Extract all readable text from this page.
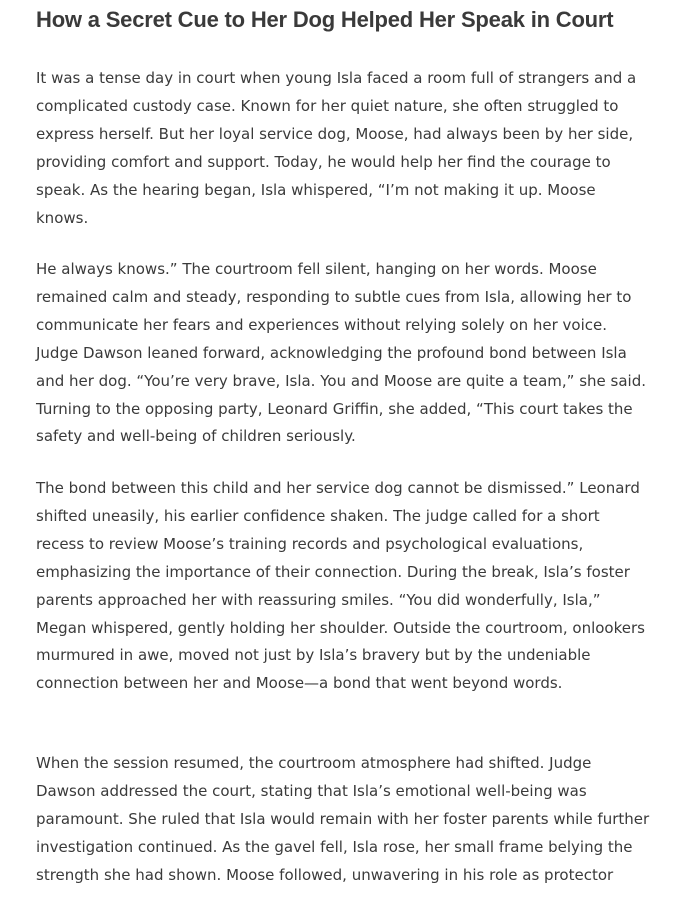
How a Secret Cue to Her Dog Helped Her Speak in Court

It was a tense day in court when young Isla faced a room full of strangers and a complicated custody case. Known for her quiet nature, she often struggled to express herself. But her loyal service dog, Moose, had always been by her side, providing comfort and support. Today, he would help her find the courage to speak. As the hearing began, Isla whispered, “I’m not making it up. Moose knows.

He always knows.” The courtroom fell silent, hanging on her words. Moose remained calm and steady, responding to subtle cues from Isla, allowing her to communicate her fears and experiences without relying solely on her voice. Judge Dawson leaned forward, acknowledging the profound bond between Isla and her dog. “You’re very brave, Isla. You and Moose are quite a team,” she said. Turning to the opposing party, Leonard Griffin, she added, “This court takes the safety and well-being of children seriously.

The bond between this child and her service dog cannot be dismissed.” Leonard shifted uneasily, his earlier confidence shaken. The judge called for a short recess to review Moose’s training records and psychological evaluations, emphasizing the importance of their connection. During the break, Isla’s foster parents approached her with reassuring smiles. “You did wonderfully, Isla,” Megan whispered, gently holding her shoulder. Outside the courtroom, onlookers murmured in awe, moved not just by Isla’s bravery but by the undeniable connection between her and Moose—a bond that went beyond words.

When the session resumed, the courtroom atmosphere had shifted. Judge Dawson addressed the court, stating that Isla’s emotional well-being was paramount. She ruled that Isla would remain with her foster parents while further investigation continued. As the gavel fell, Isla rose, her small frame belying the strength she had shown. Moose followed, unwavering in his role as protector
